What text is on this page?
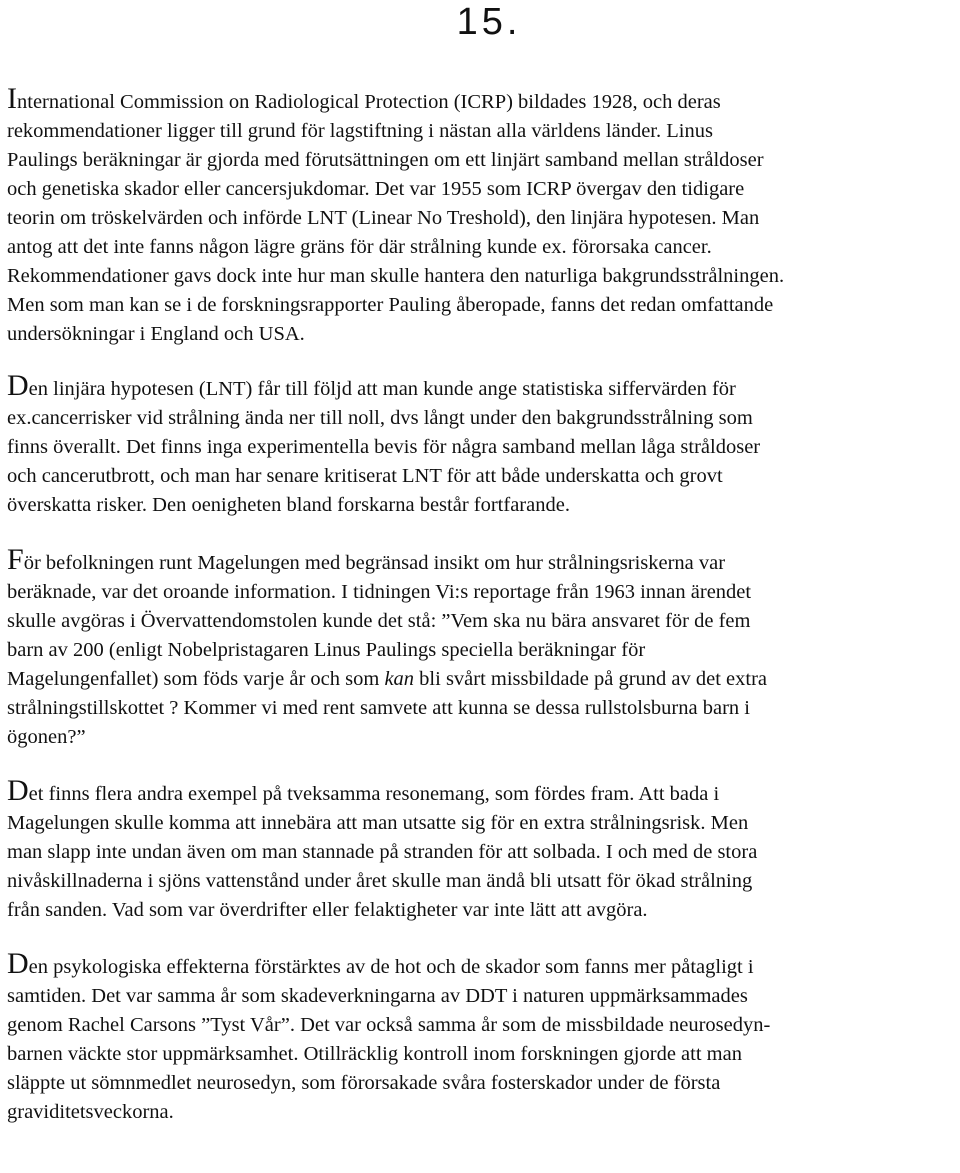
15.

International Commission on Radiological Protection (ICRP) bildades 1928, och deras
rekommendationer ligger till grund för lagstiftning i nästan alla världens länder. Linus
Paulings beräkningar är gjorda med förutsättningen om ett linjärt samband mellan stråldoser
och genetiska skador eller cancersjukdomar. Det var 1955 som ICRP övergav den tidigare
teorin om tröskelvärden och införde LNT (Linear No Treshold), den linjära hypotesen. Man
antog att det inte fanns någon lägre gräns för där strålning kunde ex. förorsaka cancer.
Rekommendationer gavs dock inte hur man skulle hantera den naturliga bakgrundsstrålningen.
Men som man kan se i de forskningsrapporter Pauling åberopade, fanns det redan omfattande
undersökningar i England och USA.

Den linjära hypotesen (LNT) får till följd att man kunde ange statistiska siffervärden för
ex.cancerrisker vid strålning ända ner till noll, dvs långt under den bakgrundsstrålning som
finns överallt. Det finns inga experimentella bevis för några samband mellan låga stråldoser
och cancerutbrott, och man har senare kritiserat LNT för att både underskatta och grovt
överskatta risker. Den oenigheten bland forskarna består fortfarande.

För befolkningen runt Magelungen med begränsad insikt om hur strålningsriskerna var
beräknade, var det oroande information. I tidningen Vi:s reportage från 1963 innan ärendet
skulle avgöras i Övervattendomstolen kunde det stå: ”Vem ska nu bära ansvaret för de fem
barn av 200 (enligt Nobelpristagaren Linus Paulings speciella beräkningar för
Magelungenfallet) som föds varje år och som kan bli svårt missbildade på grund av det extra
strålningstillskottet ? Kommer vi med rent samvete att kunna se dessa rullstolsburna barn i
ögonen?”

Det finns flera andra exempel på tveksamma resonemang, som fördes fram. Att bada i
Magelungen skulle komma att innebära att man utsatte sig för en extra strålningsrisk. Men
man slapp inte undan även om man stannade på stranden för att solbada. I och med de stora
nivåskillnaderna i sjöns vattenstånd under året skulle man ändå bli utsatt för ökad strålning
från sanden. Vad som var överdrifter eller felaktigheter var inte lätt att avgöra.

Den psykologiska effekterna förstärktes av de hot och de skador som fanns mer påtagligt i
samtiden. Det var samma år som skadeverkningarna av DDT i naturen uppmärksammades
genom Rachel Carsons ”Tyst Vår”. Det var också samma år som de missbildade neurosedyn-
barnen väckte stor uppmärksamhet. Otillräcklig kontroll inom forskningen gjorde att man
släppte ut sömnmedlet neurosedyn, som förorsakade svåra fosterskador under de första
graviditetsveckorna.
